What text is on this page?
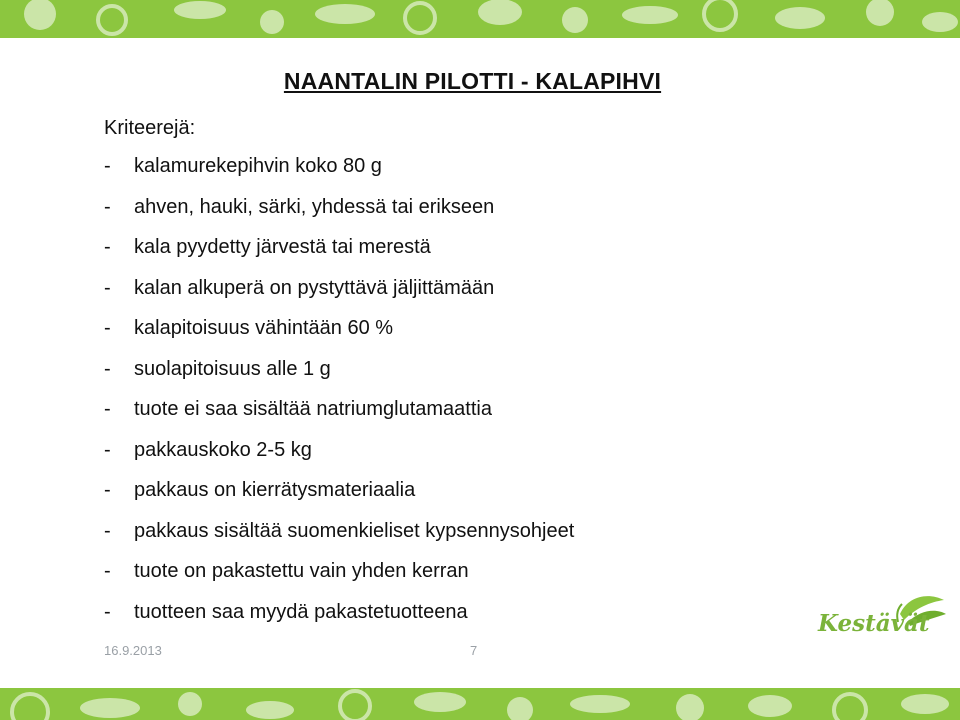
NAANTALIN PILOTTI - KALAPIHVI
Kriteerejä:
-	kalamurekepihvin koko 80 g
-	ahven, hauki, särki, yhdessä tai erikseen
-	kala pyydetty järvestä tai merestä
-	kalan alkuperä on pystyttävä jäljittämään
-	kalapitoisuus vähintään 60 %
-	suolapitoisuus alle 1 g
-	tuote ei saa sisältää natriumglutamaattia
-	pakkauskoko 2-5 kg
-	pakkaus on kierrätysmateriaalia
-	pakkaus sisältää suomenkieliset kypsennysohjeet
-	tuote on pakastettu vain yhden kerran
-	tuotteen saa myydä pakastetuotteena
16.9.2013	7
Kestävät
